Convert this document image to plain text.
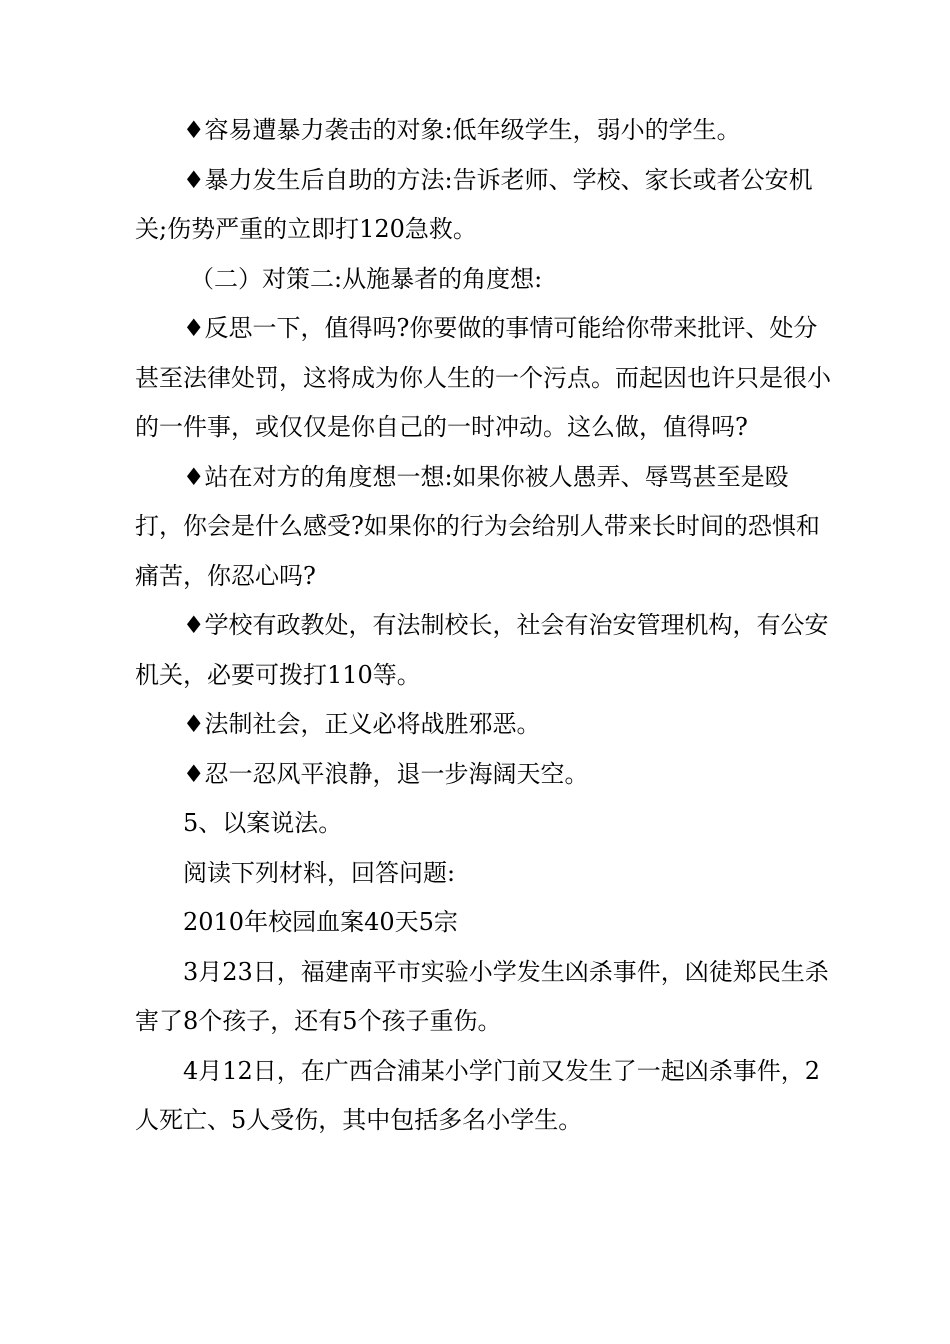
♦容易遭暴力袭击的对象:低年级学生，弱小的学生。

♦暴力发生后自助的方法:告诉老师、学校、家长或者公安机关;伤势严重的立即打120急救。

（二）对策二:从施暴者的角度想:

♦反思一下，值得吗?你要做的事情可能给你带来批评、处分甚至法律处罚，这将成为你人生的一个污点。而起因也许只是很小的一件事，或仅仅是你自己的一时冲动。这么做，值得吗?

♦站在对方的角度想一想:如果你被人愚弄、辱骂甚至是殴打，你会是什么感受?如果你的行为会给别人带来长时间的恐惧和痛苦，你忍心吗?

♦学校有政教处，有法制校长，社会有治安管理机构，有公安机关，必要可拨打110等。

♦法制社会，正义必将战胜邪恶。

♦忍一忍风平浪静，退一步海阔天空。

5、以案说法。

阅读下列材料，回答问题:

2010年校园血案40天5宗

3月23日，福建南平市实验小学发生凶杀事件，凶徒郑民生杀害了8个孩子，还有5个孩子重伤。

4月12日，在广西合浦某小学门前又发生了一起凶杀事件，2人死亡、5人受伤，其中包括多名小学生。
